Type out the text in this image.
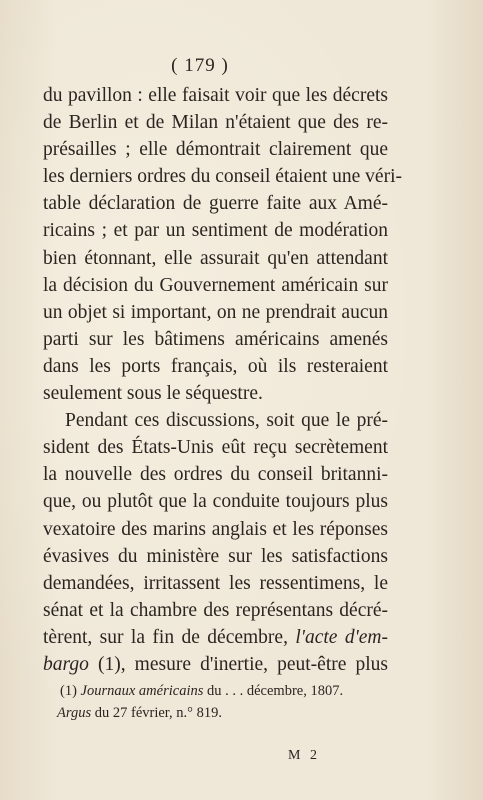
( 179 )
du pavillon : elle faisait voir que les décrets
de Berlin et de Milan n'étaient que des re-
présailles ; elle démontrait clairement que
les derniers ordres du conseil étaient une véri-
table déclaration de guerre faite aux Amé-
ricains ; et par un sentiment de modération
bien étonnant, elle assurait qu'en attendant
la décision du Gouvernement américain sur
un objet si important, on ne prendrait aucun
parti sur les bâtimens américains amenés
dans les ports français, où ils resteraient
seulement sous le séquestre.
Pendant ces discussions, soit que le pré-
sident des États-Unis eût reçu secrètement
la nouvelle des ordres du conseil britanni-
que, ou plutôt que la conduite toujours plus
vexatoire des marins anglais et les réponses
évasives du ministère sur les satisfactions
demandées, irritassent les ressentimens, le
sénat et la chambre des représentans décré-
tèrent, sur la fin de décembre, l'acte d'em-
bargo (1), mesure d'inertie, peut-être plus
(1) Journaux américains du . . . décembre, 1807.
Argus du 27 février, n.° 819.
M 2
